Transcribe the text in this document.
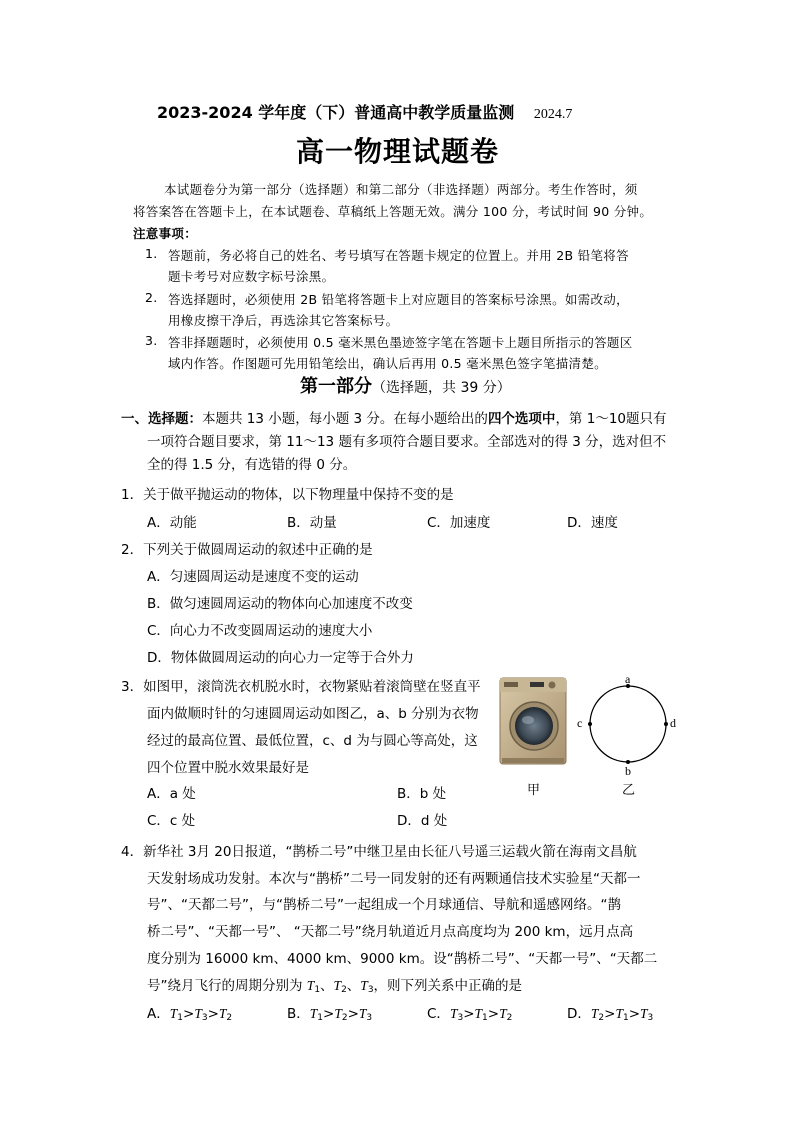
2023-2024 学年度（下）普通高中教学质量监测 2024.7
高一物理试题卷
本试题卷分为第一部分（选择题）和第二部分（非选择题）两部分。考生作答时，须
将答案答在答题卡上，在本试题卷、草稿纸上答题无效。满分 100 分，考试时间 90 分钟。
注意事项：
1. 答题前，务必将自己的姓名、考号填写在答题卡规定的位置上。并用 2B 铅笔将答
题卡考号对应数字标号涂黑。
2. 答选择题时，必须使用 2B 铅笔将答题卡上对应题目的答案标号涂黑。如需改动，
用橡皮擦干净后，再选涂其它答案标号。
3. 答非择题题时，必须使用 0.5 毫米黑色墨迹签字笔在答题卡上题目所指示的答题区
域内作答。作图题可先用铅笔绘出，确认后再用 0.5 毫米黑色签字笔描清楚。
第一部分（选择题，共 39 分）
一、选择题：本题共 13 小题，每小题 3 分。在每小题给出的四个选项中，第 1～10题只有
一项符合题目要求，第 11～13 题有多项符合题目要求。全部选对的得 3 分，选对但不
全的得 1.5 分，有选错的得 0 分。
1．关于做平抛运动的物体，以下物理量中保持不变的是
A．动能	B．动量	C．加速度	D．速度
2．下列关于做圆周运动的叙述中正确的是
A．匀速圆周运动是速度不变的运动
B．做匀速圆周运动的物体向心加速度不改变
C．向心力不改变圆周运动的速度大小
D．物体做圆周运动的向心力一定等于合外力
3．如图甲，滚筒洗衣机脱水时，衣物紧贴着滚筒壁在竖直平
面内做顺时针的匀速圆周运动如图乙，a、b 分别为衣物
经过的最高位置、最低位置，c、d 为与圆心等高处，这
四个位置中脱水效果最好是
A．a 处	B．b 处
C．c 处	D．d 处
甲
a
b
c	d
乙
4．新华社 3月 20日报道，“鹊桥二号”中继卫星由长征八号遥三运载火箭在海南文昌航
天发射场成功发射。本次与“鹊桥”二号一同发射的还有两颗通信技术实验星“天都一
号”、“天都二号”，与“鹊桥二号”一起组成一个月球通信、导航和遥感网络。“鹊
桥二号”、“天都一号”、 “天都二号”绕月轨道近月点高度均为 200 km，远月点高
度分别为 16000 km、4000 km、9000 km。设“鹊桥二号”、“天都一号”、“天都二
号”绕月飞行的周期分别为 $T_1$、$T_2$、$T_3$，则下列关系中正确的是
A．$T_1>T_3>T_2$	B．$T_1>T_2>T_3$	C．$T_3>T_1>T_2$	D．$T_2>T_1>T_3$
